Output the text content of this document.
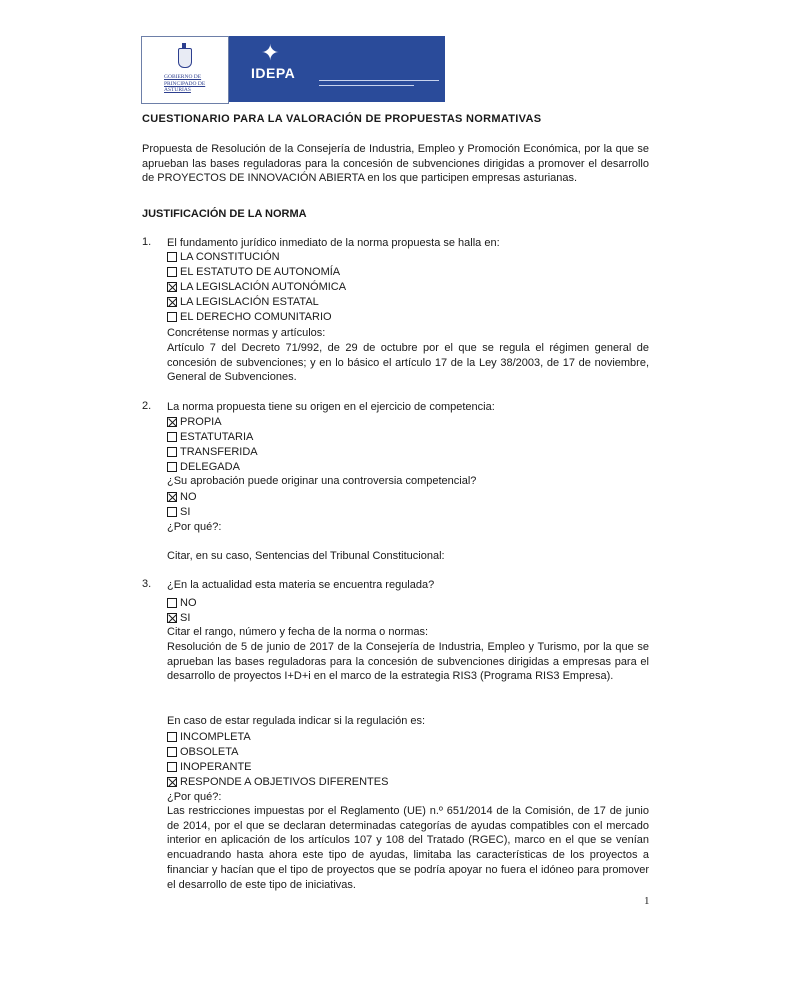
GOBIERNO DE PRINCIPADO DE ASTURIAS
✦
IDEPA
CUESTIONARIO PARA LA VALORACIÓN DE PROPUESTAS NORMATIVAS
Propuesta de Resolución de la Consejería de Industria, Empleo y Promoción Económica, por la que se aprueban las bases reguladoras para la concesión de subvenciones dirigidas a promover el desarrollo de PROYECTOS DE INNOVACIÓN ABIERTA en los que participen empresas asturianas.
JUSTIFICACIÓN DE LA NORMA
1. El fundamento jurídico inmediato de la norma propuesta se halla en:
LA CONSTITUCIÓN
EL ESTATUTO DE AUTONOMÍA
LA LEGISLACIÓN AUTONÓMICA
LA LEGISLACIÓN ESTATAL
EL DERECHO COMUNITARIO
Concrétense normas y artículos:
Artículo 7 del Decreto 71/992, de 29 de octubre por el que se regula el régimen general de concesión de subvenciones; y en lo básico el artículo 17 de la Ley 38/2003, de 17 de noviembre, General de Subvenciones.
2. La norma propuesta tiene su origen en el ejercicio de competencia:
PROPIA
ESTATUTARIA
TRANSFERIDA
DELEGADA
¿Su aprobación puede originar una controversia competencial?
NO
SI
¿Por qué?:
Citar, en su caso, Sentencias del Tribunal Constitucional:
3. ¿En la actualidad esta materia se encuentra regulada?
NO
SI
Citar el rango, número y fecha de la norma o normas:
Resolución de 5 de junio de 2017 de la Consejería de Industria, Empleo y Turismo, por la que se aprueban las bases reguladoras para la concesión de subvenciones dirigidas a empresas para el desarrollo de proyectos I+D+i en el marco de la estrategia RIS3 (Programa RIS3 Empresa).
En caso de estar regulada indicar si la regulación es:
INCOMPLETA
OBSOLETA
INOPERANTE
RESPONDE A OBJETIVOS DIFERENTES
¿Por qué?:
Las restricciones impuestas por el Reglamento (UE) n.º 651/2014 de la Comisión, de 17 de junio de 2014, por el que se declaran determinadas categorías de ayudas compatibles con el mercado interior en aplicación de los artículos 107 y 108 del Tratado (RGEC), marco en el que se venían encuadrando hasta ahora este tipo de ayudas, limitaba las características de los proyectos a financiar y hacían que el tipo de proyectos que se podría apoyar no fuera el idóneo para promover el desarrollo de este tipo de iniciativas.
1
